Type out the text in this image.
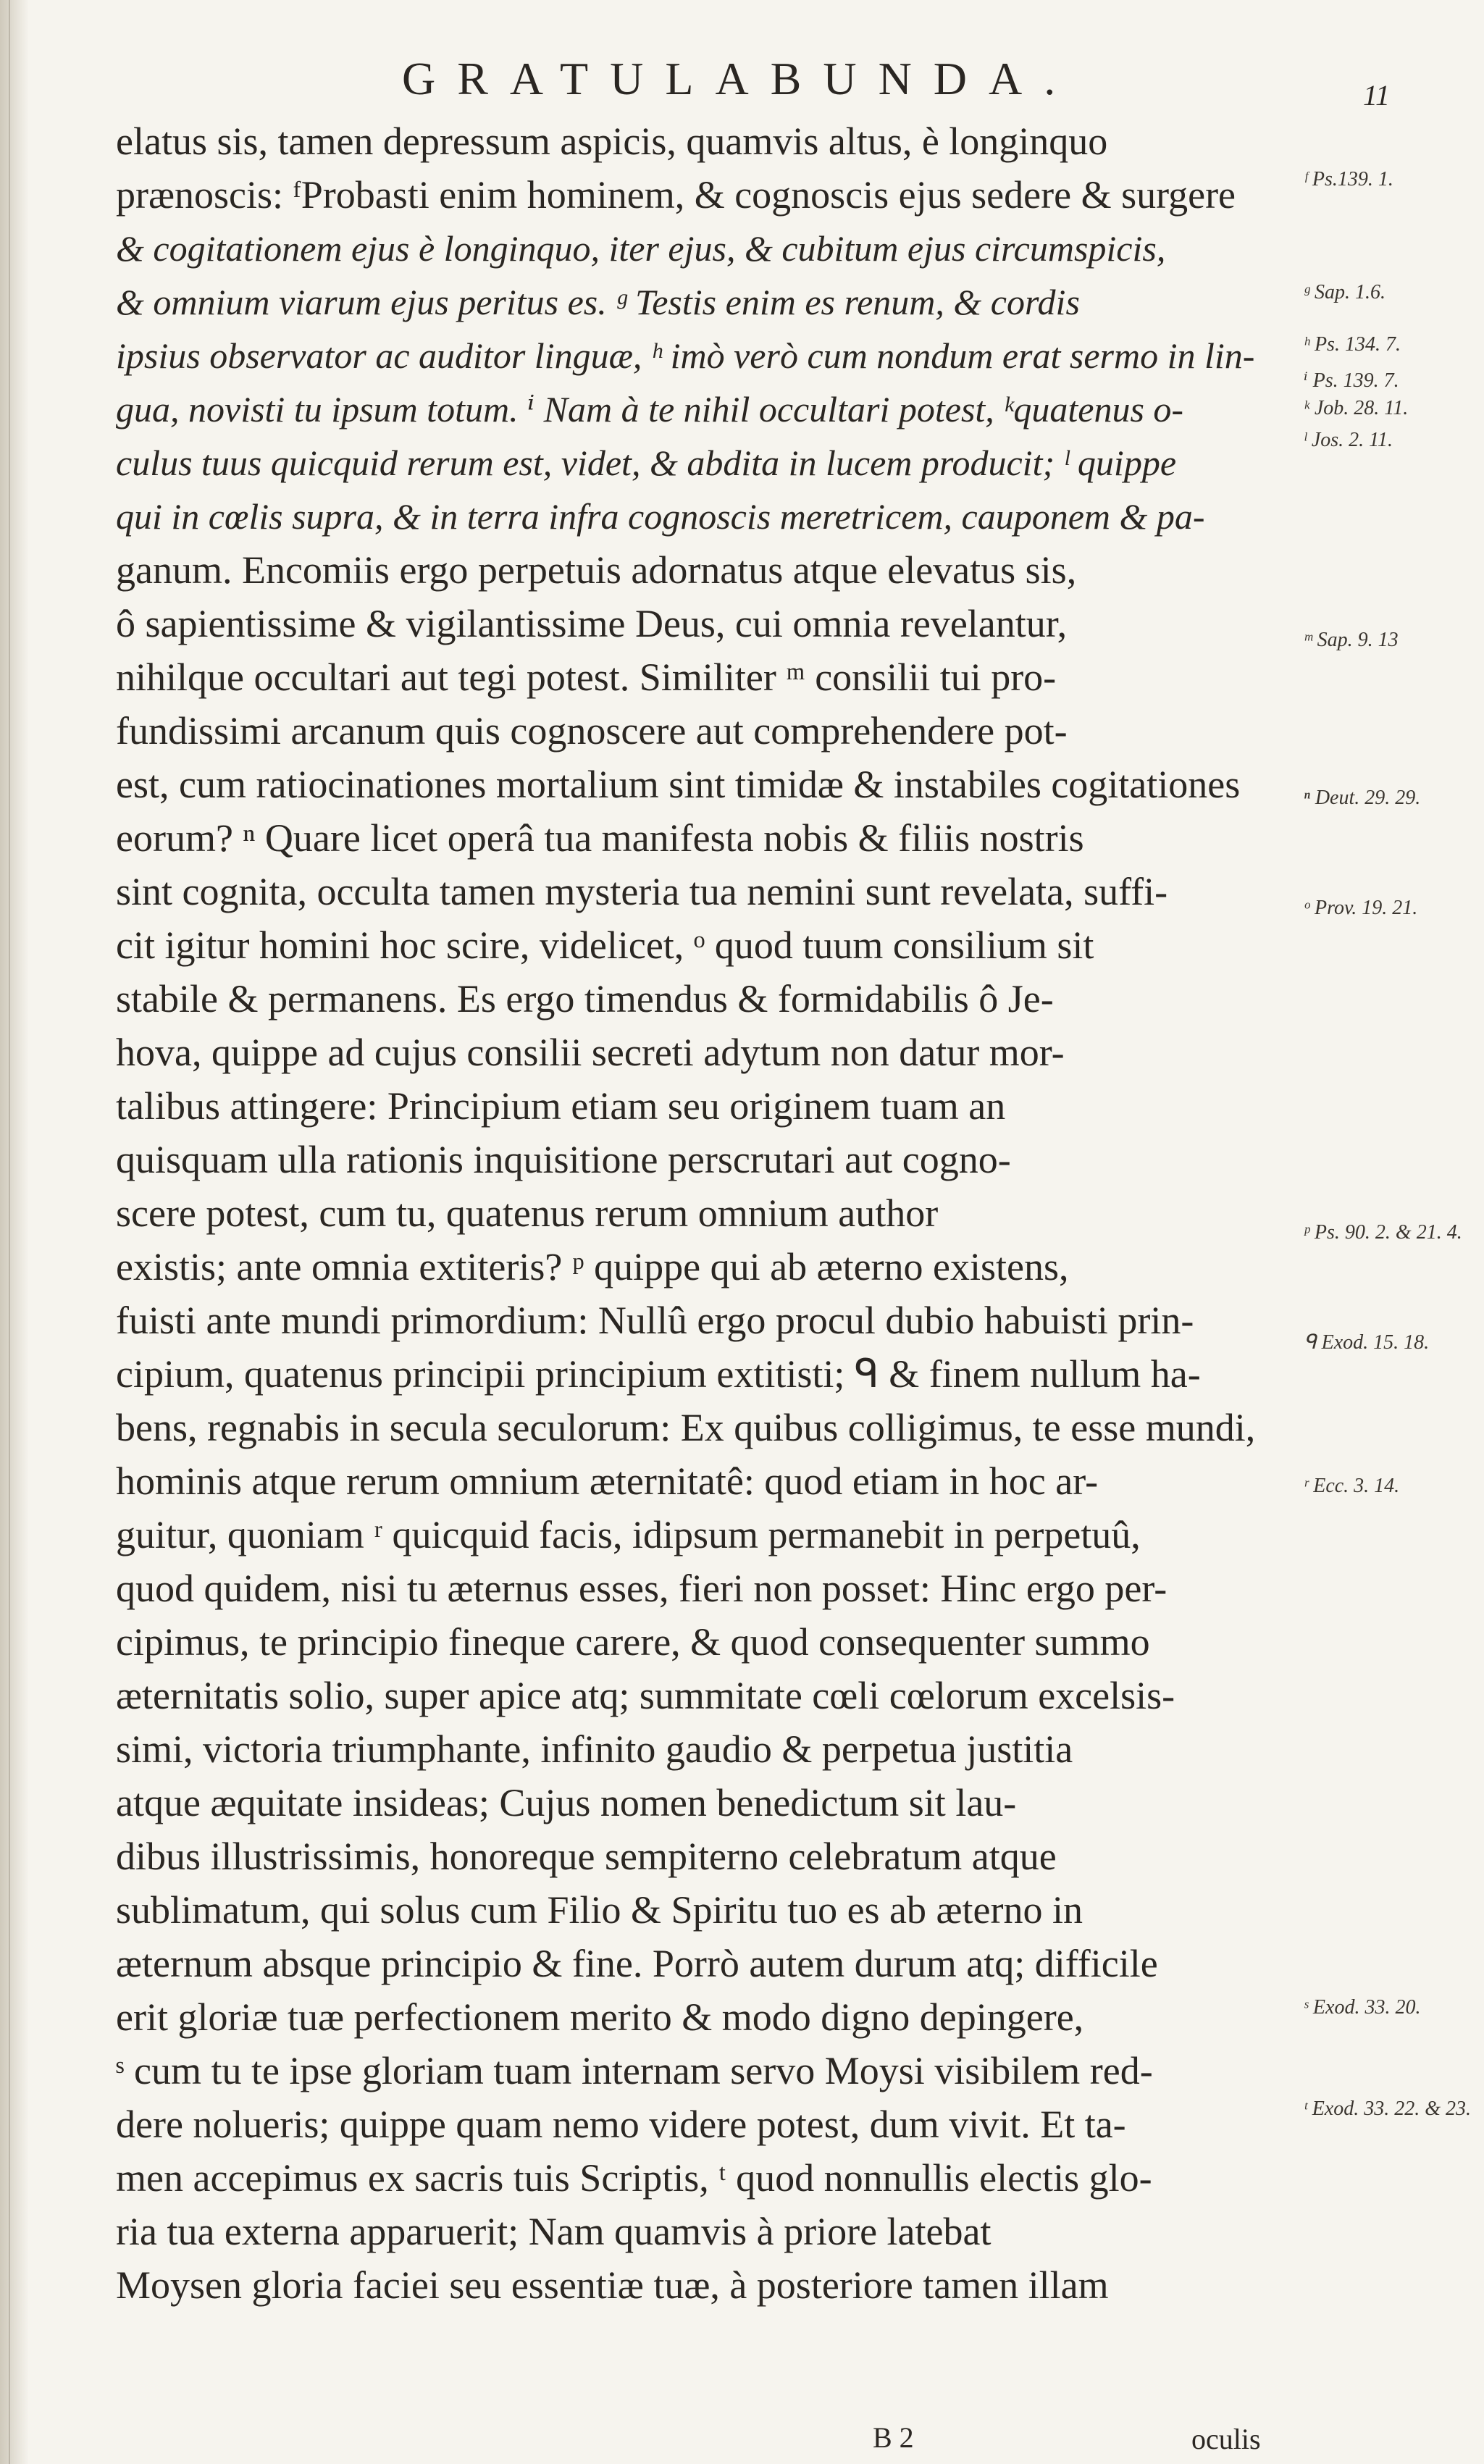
GRATULABUNDA.	11
elatus sis, tamen depressum aspicis, quamvis altus, è longinquo
prænoscis: ᶠProbasti enim hominem, & cognoscis ejus sedere & surgere
& cogitationem ejus è longinquo, iter ejus, & cubitum ejus circumspicis,
& omnium viarum ejus peritus es. ᵍ Testis enim es renum, & cordis
ipsius observator ac auditor linguæ, ʰ imò verò cum nondum erat sermo in lin-
gua, novisti tu ipsum totum. ⁱ Nam à te nihil occultari potest, ᵏquatenus o-
culus tuus quicquid rerum est, videt, & abdita in lucem producit; ˡ quippe
qui in cœlis supra, & in terra infra cognoscis meretricem, cauponem & pa-
ganum. Encomiis ergo perpetuis adornatus atque elevatus sis,
ô sapientissime & vigilantissime Deus, cui omnia revelantur,
nihilque occultari aut tegi potest. Similiter ᵐ consilii tui pro-
fundissimi arcanum quis cognoscere aut comprehendere pot-
est, cum ratiocinationes mortalium sint timidæ & instabiles cogitationes
eorum? ⁿ Quare licet operâ tua manifesta nobis & filiis nostris
sint cognita, occulta tamen mysteria tua nemini sunt revelata, suffi-
cit igitur homini hoc scire, videlicet, ᵒ quod tuum consilium sit
stabile & permanens. Es ergo timendus & formidabilis ô Je-
hova, quippe ad cujus consilii secreti adytum non datur mor-
talibus attingere: Principium etiam seu originem tuam an
quisquam ulla rationis inquisitione perscrutari aut cogno-
scere potest, cum tu, quatenus rerum omnium author
existis; ante omnia extiteris? ᵖ quippe qui ab æterno existens,
fuisti ante mundi primordium: Nullû ergo procul dubio habuisti prin-
cipium, quatenus principii principium extitisti; ᑫ & finem nullum ha-
bens, regnabis in secula seculorum: Ex quibus colligimus, te esse mundi,
hominis atque rerum omnium æternitatê: quod etiam in hoc ar-
guitur, quoniam ʳ quicquid facis, idipsum permanebit in perpetuû,
quod quidem, nisi tu æternus esses, fieri non posset: Hinc ergo per-
cipimus, te principio fineque carere, & quod consequenter summo
æternitatis solio, super apice atq; summitate cœli cœlorum excelsis-
simi, victoria triumphante, infinito gaudio & perpetua justitia
atque æquitate insideas; Cujus nomen benedictum sit lau-
dibus illustrissimis, honoreque sempiterno celebratum atque
sublimatum, qui solus cum Filio & Spiritu tuo es ab æterno in
æternum absque principio & fine. Porrò autem durum atq; difficile
erit gloriæ tuæ perfectionem merito & modo digno depingere,
ˢ cum tu te ipse gloriam tuam internam servo Moysi visibilem red-
dere nolueris; quippe quam nemo videre potest, dum vivit. Et ta-
men accepimus ex sacris tuis Scriptis, ᵗ quod nonnullis electis glo-
ria tua externa apparuerit; Nam quamvis à priore latebat
Moysen gloria faciei seu essentiæ tuæ, à posteriore tamen illam
ᶠ Ps.139. 1.
ᵍ Sap. 1.6.
ʰ Ps. 134. 7.
ⁱ Ps. 139. 7.
ᵏ Job. 28. 11.
ˡ Jos. 2. 11.
ᵐ Sap. 9. 13
ⁿ Deut. 29. 29.
ᵒ Prov. 19. 21.
ᵖ Ps. 90. 2. & 21. 4.
ᑫ Exod. 15. 18.
ʳ Ecc. 3. 14.
ˢ Exod. 33. 20.
ᵗ Exod. 33. 22. & 23.
B 2	oculis
